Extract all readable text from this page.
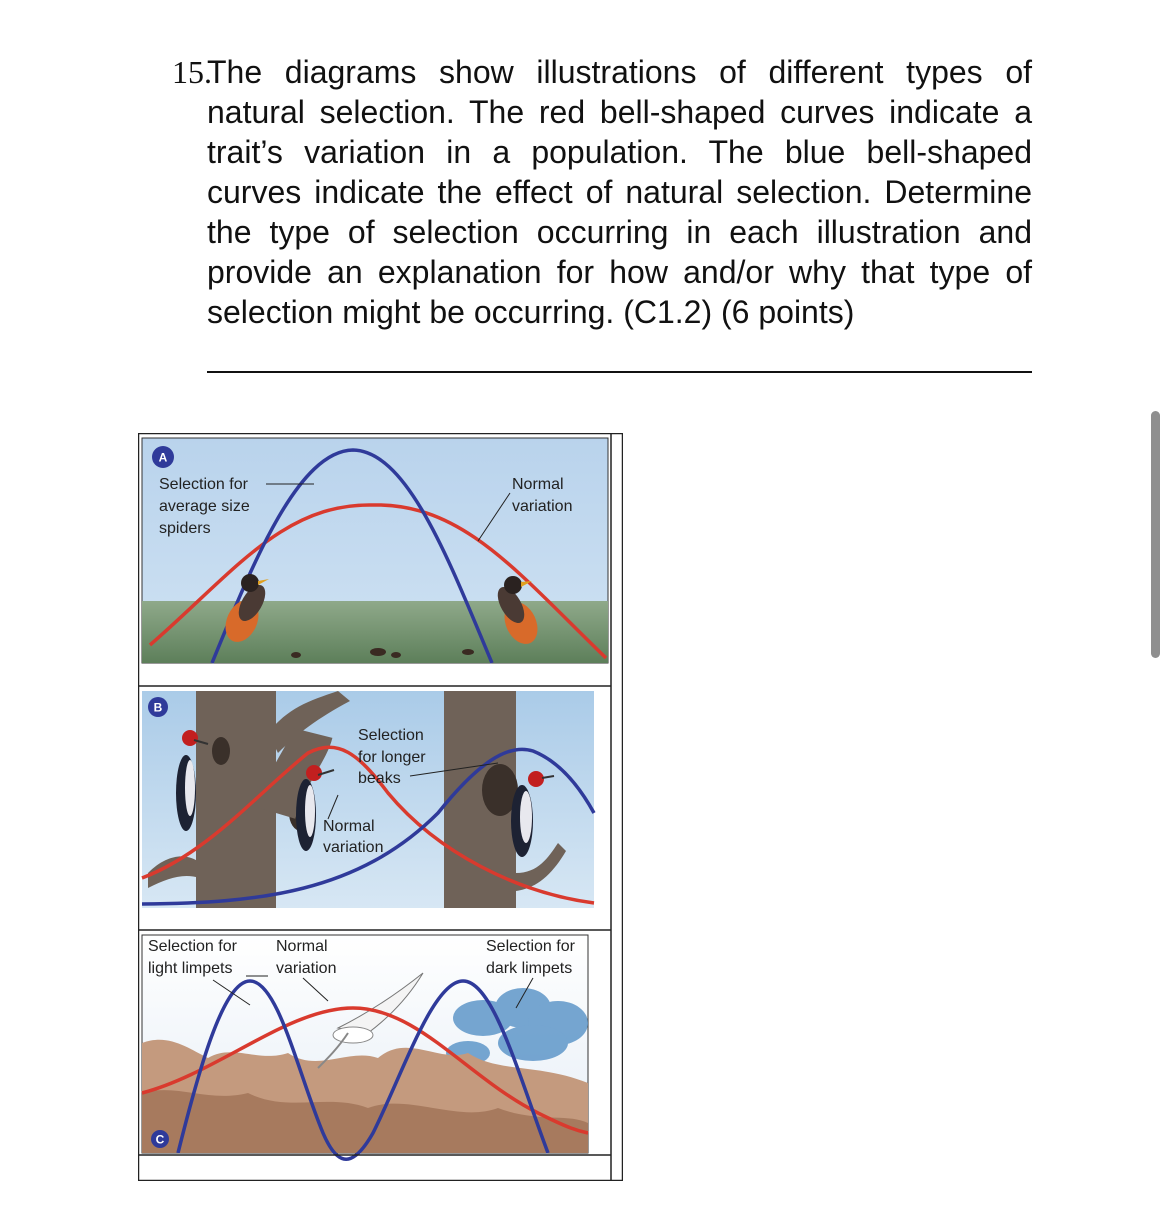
15.
The diagrams show illustrations of different types of natural selection. The red bell-shaped curves indicate a trait’s variation in a population. The blue bell-shaped curves indicate the effect of natural selection. Determine the type of selection occurring in each illustration and provide an explanation for how and/or why that type of selection might be occurring. (C1.2) (6 points)
A
Selection for
average size
spiders
Normal
variation
B
Selection
for longer
beaks
Normal
variation
C
Selection for
light limpets
Normal
variation
Selection for
dark limpets
